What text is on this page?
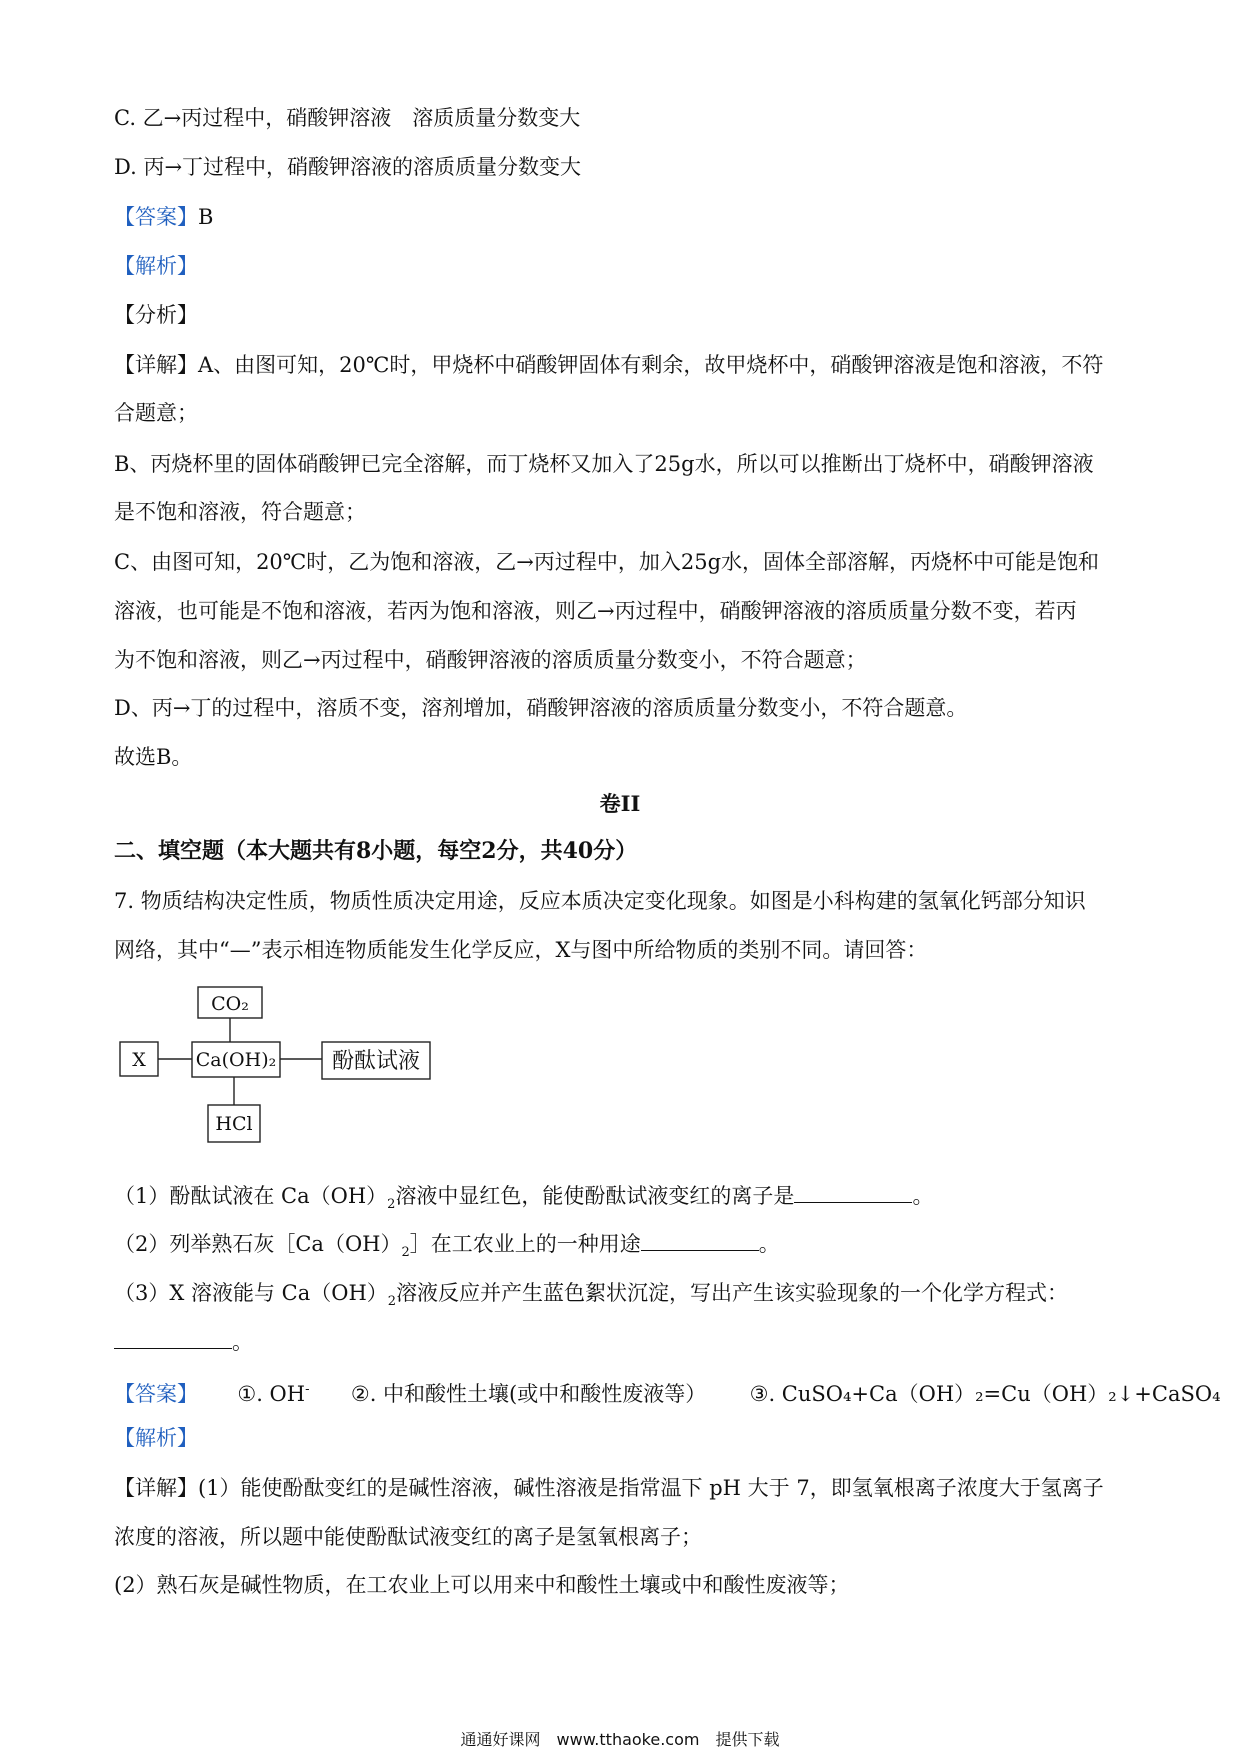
C. 乙→丙过程中，硝酸钾溶液　溶质质量分数变大
D. 丙→丁过程中，硝酸钾溶液的溶质质量分数变大
【答案】B
【解析】
【分析】
【详解】A、由图可知，20℃时，甲烧杯中硝酸钾固体有剩余，故甲烧杯中，硝酸钾溶液是饱和溶液，不符
合题意；
B、丙烧杯里的固体硝酸钾已完全溶解，而丁烧杯又加入了25g水，所以可以推断出丁烧杯中，硝酸钾溶液
是不饱和溶液，符合题意；
C、由图可知，20℃时，乙为饱和溶液，乙→丙过程中，加入25g水，固体全部溶解，丙烧杯中可能是饱和
溶液，也可能是不饱和溶液，若丙为饱和溶液，则乙→丙过程中，硝酸钾溶液的溶质质量分数不变，若丙
为不饱和溶液，则乙→丙过程中，硝酸钾溶液的溶质质量分数变小，不符合题意；
D、丙→丁的过程中，溶质不变，溶剂增加，硝酸钾溶液的溶质质量分数变小，不符合题意。
故选B。
卷II
二、填空题（本大题共有8小题，每空2分，共40分）
7. 物质结构决定性质，物质性质决定用途，反应本质决定变化现象。如图是小科构建的氢氧化钙部分知识
网络，其中“—”表示相连物质能发生化学反应，X与图中所给物质的类别不同。请回答：
CO₂
X	Ca(OH)₂	酚酞试液
HCl
（1）酚酞试液在 $Ca(OH)_2$溶液中显红色，能使酚酞试液变红的离子是	。
（2）列举熟石灰$[Ca(OH)_2]$在工农业上的一种用途	。
（3）X 溶液能与 $Ca(OH)_2$溶液反应并产生蓝色絮状沉淀，写出产生该实验现象的一个化学方程式：
。
【答案】 ①. OH- ②. 中和酸性土壤(或中和酸性废液等） ③. CuSO₄+Ca（OH）₂=Cu（OH）₂↓+CaSO₄
【解析】
【详解】(1）能使酚酞变红的是碱性溶液，碱性溶液是指常温下 pH 大于 7，即氢氧根离子浓度大于氢离子
浓度的溶液，所以题中能使酚酞试液变红的离子是氢氧根离子；
(2）熟石灰是碱性物质，在工农业上可以用来中和酸性土壤或中和酸性废液等；
通通好课网　www.tthaoke.com　提供下载
